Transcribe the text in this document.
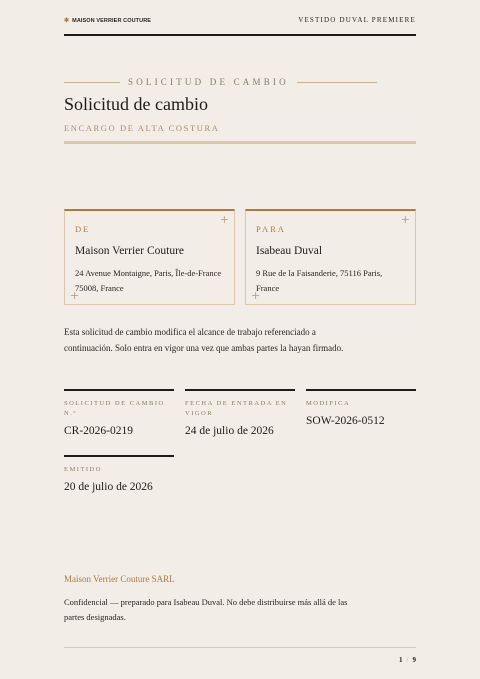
✱ MAISON VERRIER COUTURE	VESTIDO DUVAL PREMIERE
SOLICITUD DE CAMBIO
Solicitud de cambio
ENCARGO DE ALTA COSTURA
+
DE
Maison Verrier Couture
24 Avenue Montaigne, Paris, Île-de-France 75008, France
+
+
PARA
Isabeau Duval
9 Rue de la Faisanderie, 75116 Paris, France
+
Esta solicitud de cambio modifica el alcance de trabajo referenciado a continuación. Solo entra en vigor una vez que ambas partes la hayan firmado.
SOLICITUD DE CAMBIO N.º
CR-2026-0219
FECHA DE ENTRADA EN VIGOR
24 de julio de 2026
MODIFICA
SOW-2026-0512
EMITIDO
20 de julio de 2026
Maison Verrier Couture SARL
Confidencial — preparado para Isabeau Duval. No debe distribuirse más allá de las partes designadas.
1 / 9
